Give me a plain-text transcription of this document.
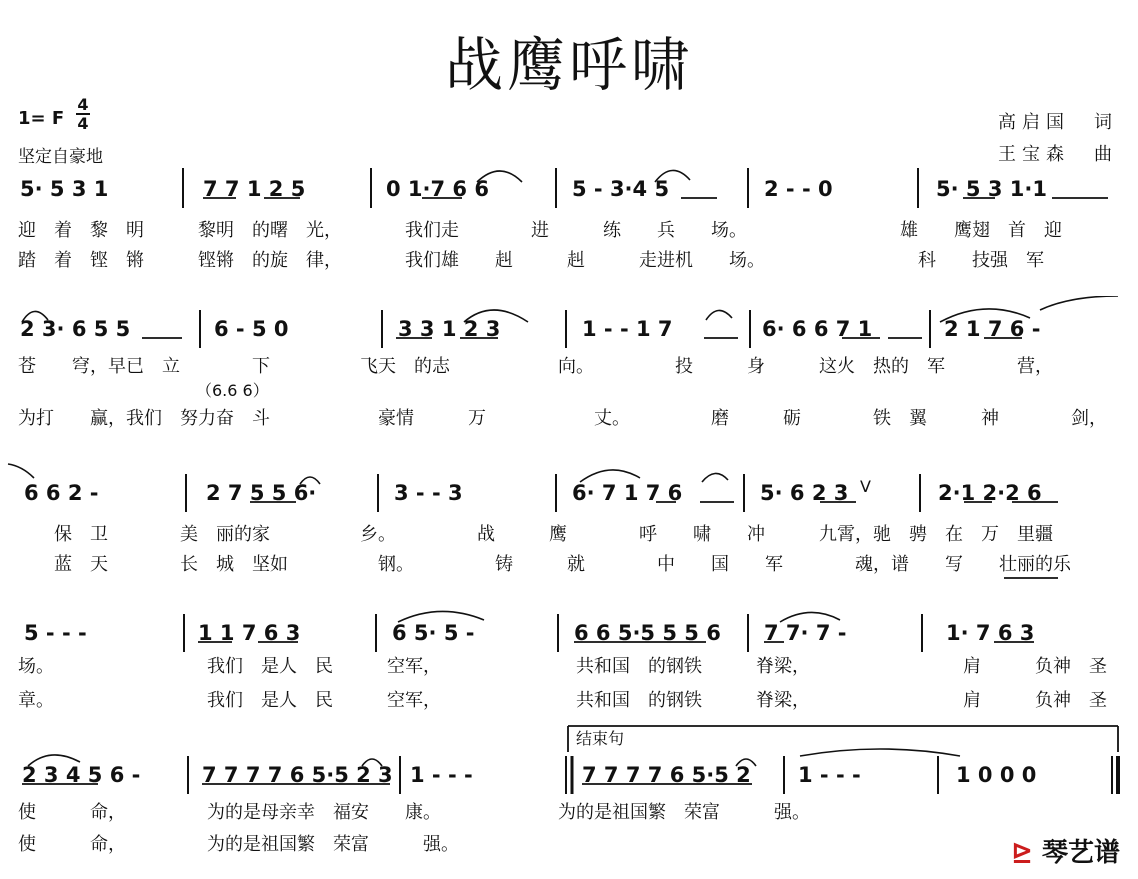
战鹰呼啸
1= F
4
4
坚定自豪地
高启国　词
王宝森　曲
5· 5 3 1	7 7 1 2 5	0 1·7 6 6	5 - 3·4 5	2 - - 0	5· 5 3 1·1
迎　着　黎　明　　　黎明　的曙　光，　　　　我们走　　　　进　　　练　　兵　　场。　　　　　　　　　雄　　鹰翅　首　迎
踏　着　铿　锵　　　铿锵　的旋　律，　　　　我们雄　　赳　　　赳　　　走进机　　场。　　　　　　　　　科　　技强　军
2 3· 6 5 5	6 - 5 0	3 3 1 2 3	1 - - 1 7	6· 6 6 7 1	2 1 7 6 -
苍　　穹，早已　立　　　　下　　　　　飞天　的志　　　　　　向。　　　　　投　　　身　　　这火　热的　军　　　　营，
（6.6 6）
为打　　赢，我们　努力奋　斗　　　　　　豪情　　　万　　　　　　丈。　　　　　磨　　　砺　　　　铁　翼　　　神　　　　剑，
V
6 6 2 -	2 7 5 5 6·	3 - - 3	6· 7 1 7 6	5· 6 2 3	2·1 2·2 6
　　保　卫　　　　美　丽的家　　　　　乡。　　　　　战　　　鹰　　　　呼　　啸　　冲　　　九霄，驰　骋　在　万　里疆
　　蓝　天　　　　长　城　坚如　　　　　钢。　　　　　铸　　　就　　　　中　　国　　军　　　　魂，谱　　写　　壮丽的乐
5 - - -	1 1 7 6 3	6 5· 5 -	6 6 5·5 5 5 6 7 7· 7 -	1· 7 6 3
场。　　　　　　　　　我们　是人　民　　　空军，　　　　　　　　共和国　的钢铁　　　脊梁，　　　　　　　　　肩　　　负神　圣
章。　　　　　　　　　我们　是人　民　　　空军，　　　　　　　　共和国　的钢铁　　　脊梁，　　　　　　　　　肩　　　负神　圣
结束句
2 3 4 5 6 -	7 7 7 7 6 5·5 2 3 1 - - -	7 7 7 7 6 5·5 2 1 - - -	1 0 0 0
使　　　命，　　　　　为的是母亲幸　福安　　康。　　　　　　　为的是祖国繁　荣富　　　强。
使　　　命，　　　　　为的是祖国繁　荣富　　　强。	⊵ 琴艺谱
